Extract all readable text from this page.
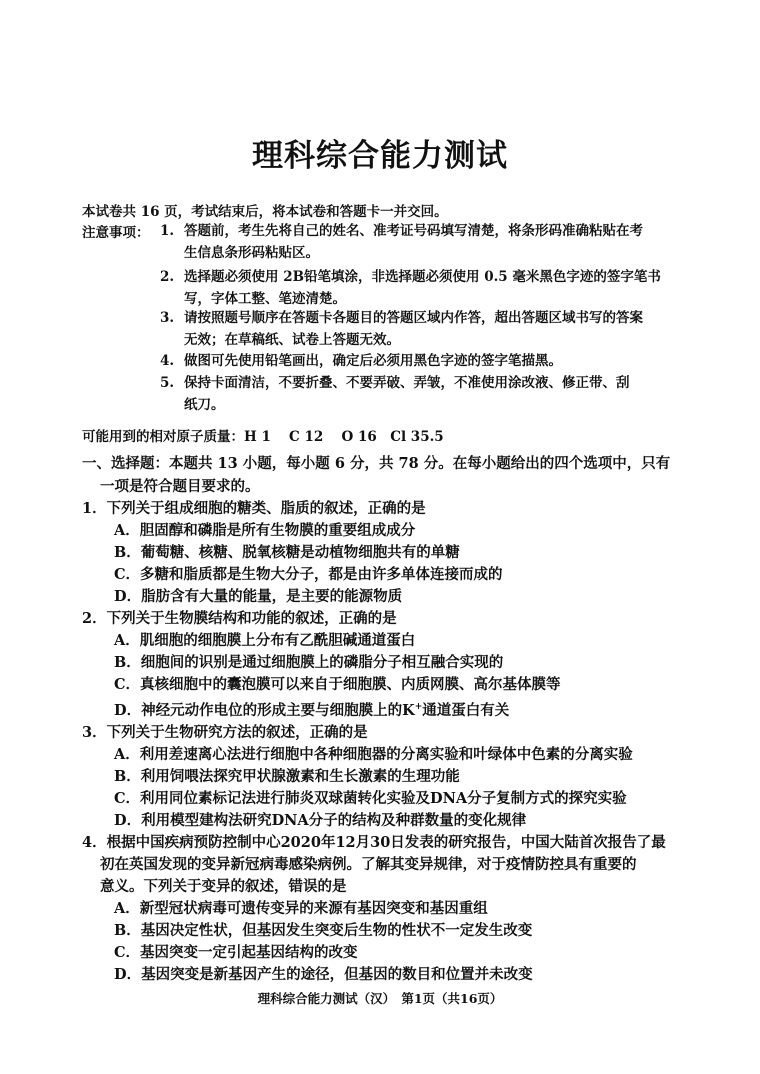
理科综合能力测试
本试卷共 16 页，考试结束后，将本试卷和答题卡一并交回。
注意事项： 1. 答题前，考生先将自己的姓名、准考证号码填写清楚，将条形码准确粘贴在考
生信息条形码粘贴区。
2. 选择题必须使用 2B铅笔填涂，非选择题必须使用 0.5 毫米黑色字迹的签字笔书
写，字体工整、笔迹清楚。
3. 请按照题号顺序在答题卡各题目的答题区域内作答，超出答题区域书写的答案
无效；在草稿纸、试卷上答题无效。
4. 做图可先使用铅笔画出，确定后必须用黑色字迹的签字笔描黑。
5. 保持卡面清洁，不要折叠、不要弄破、弄皱，不准使用涂改液、修正带、刮
纸刀。
可能用到的相对原子质量：H 1　 C 12　 O 16　Cl 35.5
一、选择题：本题共 13 小题，每小题 6 分，共 78 分。在每小题给出的四个选项中，只有
一项是符合题目要求的。
1．下列关于组成细胞的糖类、脂质的叙述，正确的是
A．胆固醇和磷脂是所有生物膜的重要组成成分
B．葡萄糖、核糖、脱氧核糖是动植物细胞共有的单糖
C．多糖和脂质都是生物大分子，都是由许多单体连接而成的
D．脂肪含有大量的能量，是主要的能源物质
2．下列关于生物膜结构和功能的叙述，正确的是
A．肌细胞的细胞膜上分布有乙酰胆碱通道蛋白
B．细胞间的识别是通过细胞膜上的磷脂分子相互融合实现的
C．真核细胞中的囊泡膜可以来自于细胞膜、内质网膜、高尔基体膜等
D．神经元动作电位的形成主要与细胞膜上的K+通道蛋白有关
3．下列关于生物研究方法的叙述，正确的是
A．利用差速离心法进行细胞中各种细胞器的分离实验和叶绿体中色素的分离实验
B．利用饲喂法探究甲状腺激素和生长激素的生理功能
C．利用同位素标记法进行肺炎双球菌转化实验及DNA分子复制方式的探究实验
D．利用模型建构法研究DNA分子的结构及种群数量的变化规律
4．根据中国疾病预防控制中心2020年12月30日发表的研究报告，中国大陆首次报告了最
初在英国发现的变异新冠病毒感染病例。了解其变异规律，对于疫情防控具有重要的
意义。下列关于变异的叙述，错误的是
A．新型冠状病毒可遗传变异的来源有基因突变和基因重组
B．基因决定性状，但基因发生突变后生物的性状不一定发生改变
C．基因突变一定引起基因结构的改变
D．基因突变是新基因产生的途径，但基因的数目和位置并未改变
理科综合能力测试（汉）　第1页（共16页）
